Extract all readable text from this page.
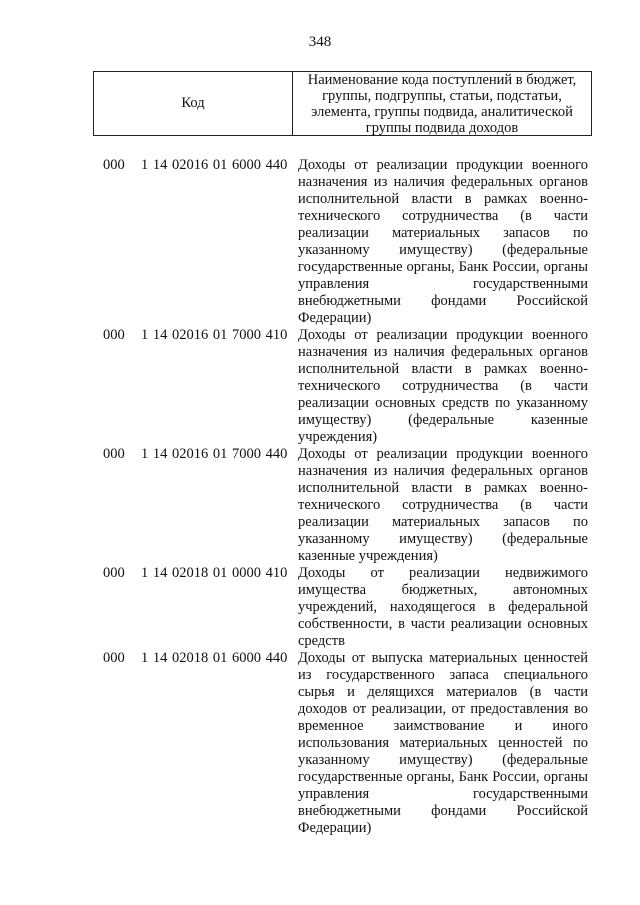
348
Код
Наименование кода поступлений в бюджет, группы, подгруппы, статьи, подстатьи, элемента, группы подвида, аналитической группы подвида доходов
000 1 14 02016 01 6000 440 Доходы от реализации продукции военного назначения из наличия федеральных органов исполнительной власти в рамках военно-технического сотрудничества (в части реализации материальных запасов по указанному имуществу) (федеральные государственные органы, Банк России, органы управления государственными внебюджетными фондами Российской Федерации)
000 1 14 02016 01 7000 410 Доходы от реализации продукции военного назначения из наличия федеральных органов исполнительной власти в рамках военно-технического сотрудничества (в части реализации основных средств по указанному имуществу) (федеральные казенные учреждения)
000 1 14 02016 01 7000 440 Доходы от реализации продукции военного назначения из наличия федеральных органов исполнительной власти в рамках военно-технического сотрудничества (в части реализации материальных запасов по указанному имуществу) (федеральные казенные учреждения)
000 1 14 02018 01 0000 410 Доходы от реализации недвижимого имущества бюджетных, автономных учреждений, находящегося в федеральной собственности, в части реализации основных средств
000 1 14 02018 01 6000 440 Доходы от выпуска материальных ценностей из государственного запаса специального сырья и делящихся материалов (в части доходов от реализации, от предоставления во временное заимствование и иного использования материальных ценностей по указанному имуществу) (федеральные государственные органы, Банк России, органы управления государственными внебюджетными фондами Российской Федерации)
